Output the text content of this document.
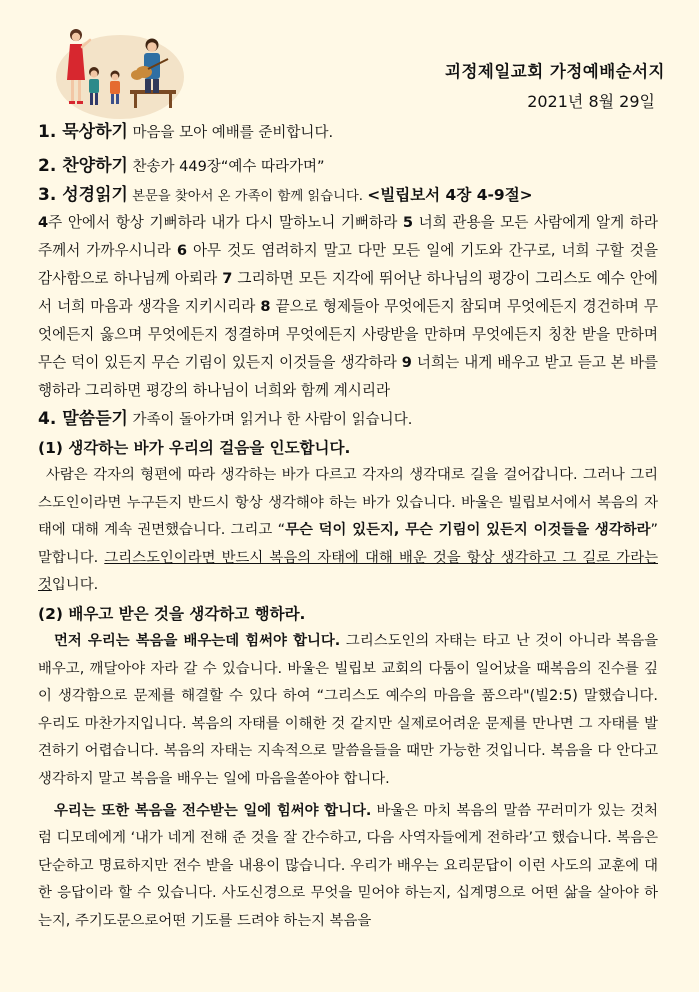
괴정제일교회 가정예배순서지
2021년 8월 29일
1. 묵상하기 마음을 모아 예배를 준비합니다.
2. 찬양하기 찬송가 449장“예수 따라가며”
3. 성경읽기 본문을 찾아서 온 가족이 함께 읽습니다. <빌립보서 4장 4-9절>
4주 안에서 항상 기뻐하라 내가 다시 말하노니 기뻐하라 5 너희 관용을 모든 사람에게 알게 하라 주께서 가까우시니라 6 아무 것도 염려하지 말고 다만 모든 일에 기도와 간구로, 너희 구할 것을 감사함으로 하나님께 아뢰라 7 그리하면 모든 지각에 뛰어난 하나님의 평강이 그리스도 예수 안에서 너희 마음과 생각을 지키시리라 8 끝으로 형제들아 무엇에든지 참되며 무엇에든지 경건하며 무엇에든지 옳으며 무엇에든지 정결하며 무엇에든지 사랑받을 만하며 무엇에든지 칭찬 받을 만하며 무슨 덕이 있든지 무슨 기림이 있든지 이것들을 생각하라 9 너희는 내게 배우고 받고 듣고 본 바를 행하라 그리하면 평강의 하나님이 너희와 함께 계시리라
4. 말씀듣기 가족이 돌아가며 읽거나 한 사람이 읽습니다.
(1) 생각하는 바가 우리의 걸음을 인도합니다.
사람은 각자의 형편에 따라 생각하는 바가 다르고 각자의 생각대로 길을 걸어갑니다. 그러나 그리스도인이라면 누구든지 반드시 항상 생각해야 하는 바가 있습니다. 바울은 빌립보서에서 복음의 자태에 대해 계속 권면했습니다. 그리고 “무슨 덕이 있든지, 무슨 기림이 있든지 이것들을 생각하라” 말합니다. 그리스도인이라면 반드시 복음의 자태에 대해 배운 것을 항상 생각하고 그 길로 가라는 것입니다.
(2) 배우고 받은 것을 생각하고 행하라.
먼저 우리는 복음을 배우는데 힘써야 합니다. 그리스도인의 자태는 타고 난 것이 아니라 복음을 배우고, 깨달아야 자라 갈 수 있습니다. 바울은 빌립보 교회의 다툼이 일어났을 때복음의 진수를 깊이 생각함으로 문제를 해결할 수 있다 하여 “그리스도 예수의 마음을 품으라"(빌2:5) 말했습니다. 우리도 마찬가지입니다. 복음의 자태를 이해한 것 같지만 실제로어려운 문제를 만나면 그 자태를 발견하기 어렵습니다. 복음의 자태는 지속적으로 말씀을들을 때만 가능한 것입니다. 복음을 다 안다고 생각하지 말고 복음을 배우는 일에 마음을쏟아야 합니다.
우리는 또한 복음을 전수받는 일에 힘써야 합니다. 바울은 마치 복음의 말씀 꾸러미가 있는 것처럼 디모데에게 ‘내가 네게 전해 준 것을 잘 간수하고, 다음 사역자들에게 전하라’고 했습니다. 복음은 단순하고 명료하지만 전수 받을 내용이 많습니다. 우리가 배우는 요리문답이 이런 사도의 교훈에 대한 응답이라 할 수 있습니다. 사도신경으로 무엇을 믿어야 하는지, 십계명으로 어떤 삶을 살아야 하는지, 주기도문으로어떤 기도를 드려야 하는지 복음을
